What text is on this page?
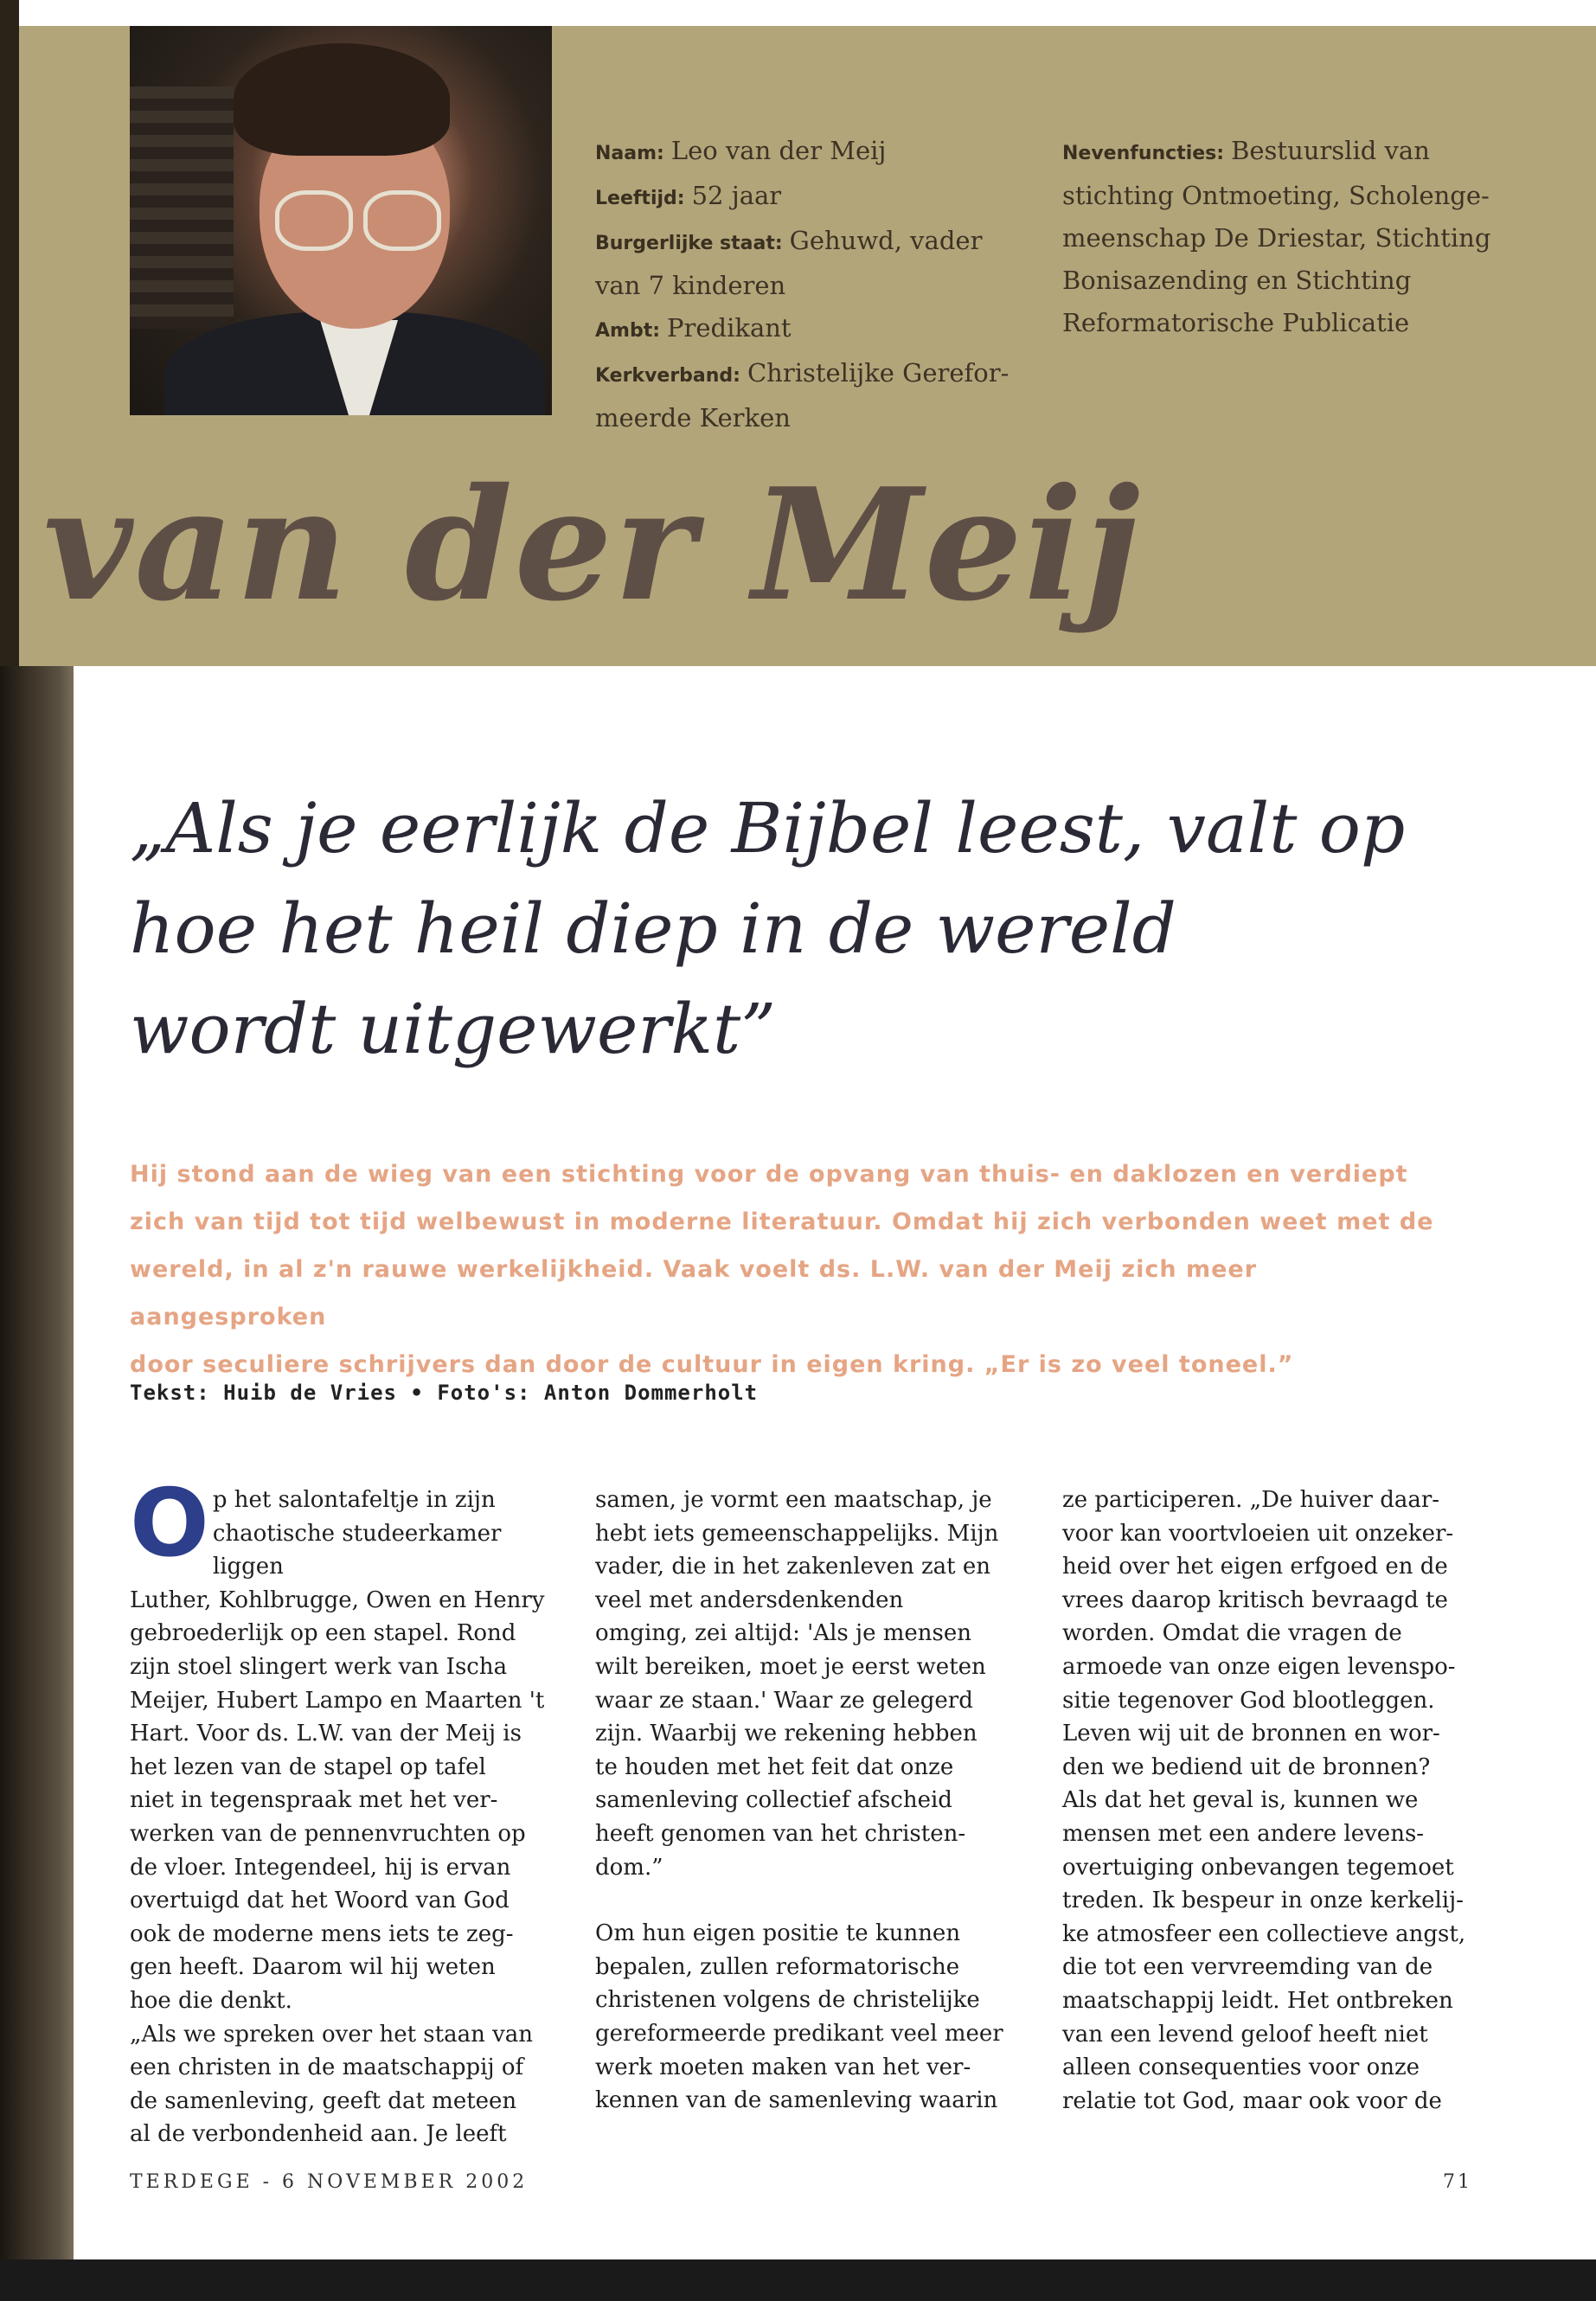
Naam: Leo van der Meij
Leeftijd: 52 jaar
Burgerlijke staat: Gehuwd, vader
van 7 kinderen
Ambt: Predikant
Kerkverband: Christelijke Gerefor-
meerde Kerken
Nevenfuncties: Bestuurslid van
stichting Ontmoeting, Scholenge-
meenschap De Driestar, Stichting
Bonisazending en Stichting
Reformatorische Publicatie
van der Meij
„Als je eerlijk de Bijbel leest, valt op
hoe het heil diep in de wereld
wordt uitgewerkt”
Hij stond aan de wieg van een stichting voor de opvang van thuis- en daklozen en verdiept
zich van tijd tot tijd welbewust in moderne literatuur. Omdat hij zich verbonden weet met de
wereld, in al z'n rauwe werkelijkheid. Vaak voelt ds. L.W. van der Meij zich meer aangesproken
door seculiere schrijvers dan door de cultuur in eigen kring. „Er is zo veel toneel.”
Tekst: Huib de Vries • Foto's: Anton Dommerholt
O p het salontafeltje in zijn
chaotische studeerkamer liggen
Luther, Kohlbrugge, Owen en Henry
gebroederlijk op een stapel. Rond
zijn stoel slingert werk van Ischa
Meijer, Hubert Lampo en Maarten 't
Hart. Voor ds. L.W. van der Meij is
het lezen van de stapel op tafel
niet in tegenspraak met het ver-
werken van de pennenvruchten op
de vloer. Integendeel, hij is ervan
overtuigd dat het Woord van God
ook de moderne mens iets te zeg-
gen heeft. Daarom wil hij weten
hoe die denkt.
„Als we spreken over het staan van
een christen in de maatschappij of
de samenleving, geeft dat meteen
al de verbondenheid aan. Je leeft

samen, je vormt een maatschap, je
hebt iets gemeenschappelijks. Mijn
vader, die in het zakenleven zat en
veel met andersdenkenden
omging, zei altijd: 'Als je mensen
wilt bereiken, moet je eerst weten
waar ze staan.' Waar ze gelegerd
zijn. Waarbij we rekening hebben
te houden met het feit dat onze
samenleving collectief afscheid
heeft genomen van het christen-
dom.”

Om hun eigen positie te kunnen
bepalen, zullen reformatorische
christenen volgens de christelijke
gereformeerde predikant veel meer
werk moeten maken van het ver-
kennen van de samenleving waarin

ze participeren. „De huiver daar-
voor kan voortvloeien uit onzeker-
heid over het eigen erfgoed en de
vrees daarop kritisch bevraagd te
worden. Omdat die vragen de
armoede van onze eigen levenspo-
sitie tegenover God blootleggen.
Leven wij uit de bronnen en wor-
den we bediend uit de bronnen?
Als dat het geval is, kunnen we
mensen met een andere levens-
overtuiging onbevangen tegemoet
treden. Ik bespeur in onze kerkelij-
ke atmosfeer een collectieve angst,
die tot een vervreemding van de
maatschappij leidt. Het ontbreken
van een levend geloof heeft niet
alleen consequenties voor onze
relatie tot God, maar ook voor de

TERDEGE - 6 NOVEMBER 2002	71
